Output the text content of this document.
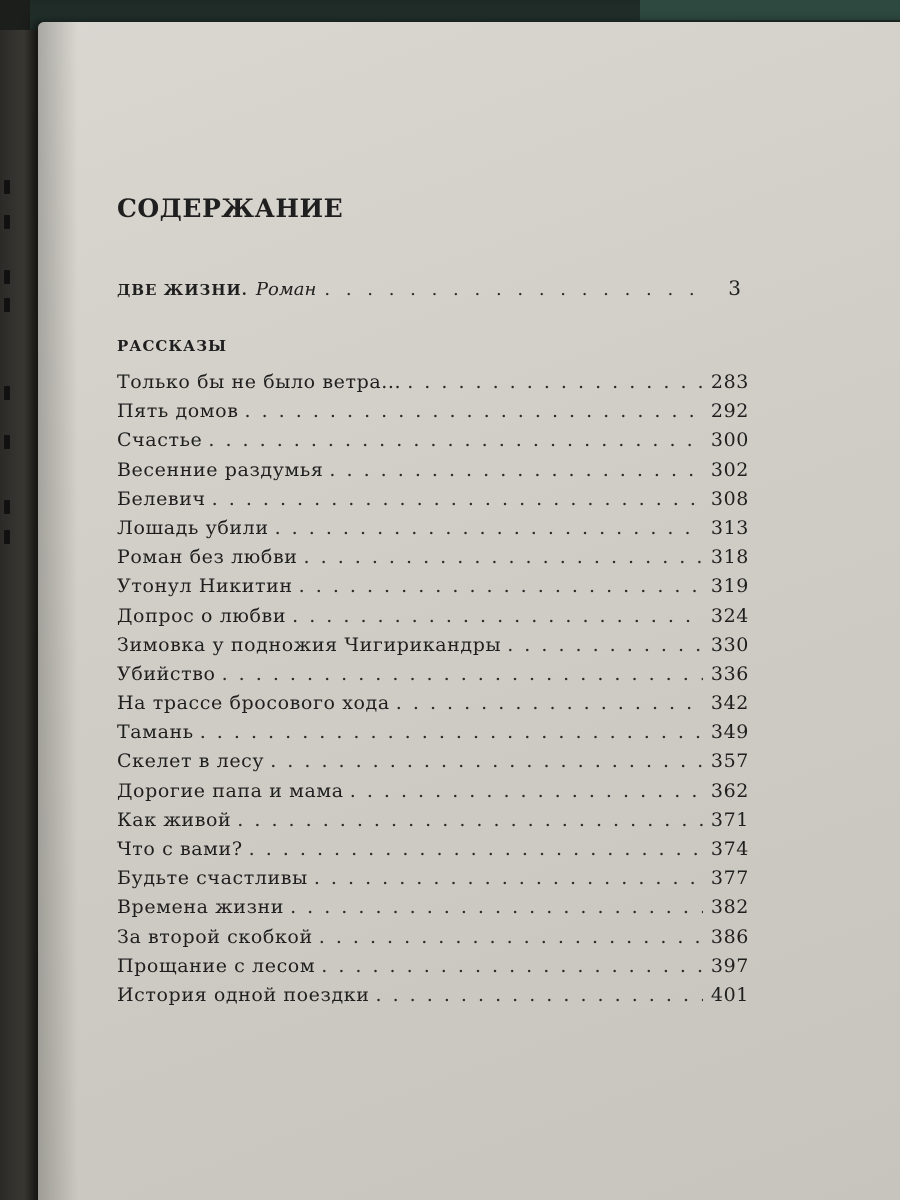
СОДЕРЖАНИЕ
ДВЕ ЖИЗНИ. Роман . . .	3
РАССКАЗЫ
Только бы не было ветра... . . .	283
Пять домов . . .	292
Счастье . . .	300
Весенние раздумья . . .	302
Белевич . . .	308
Лошадь убили . . .	313
Роман без любви . . .	318
Утонул Никитин . . .	319
Допрос о любви . . .	324
Зимовка у подножия Чигирикандры . . .	330
Убийство . . .	336
На трассе бросового хода . . .	342
Тамань . . .	349
Скелет в лесу . . .	357
Дорогие папа и мама . . .	362
Как живой . . .	371
Что с вами? . . .	374
Будьте счастливы . . .	377
Времена жизни . . .	382
За второй скобкой . . .	386
Прощание с лесом . . .	397
История одной поездки . . .	401
